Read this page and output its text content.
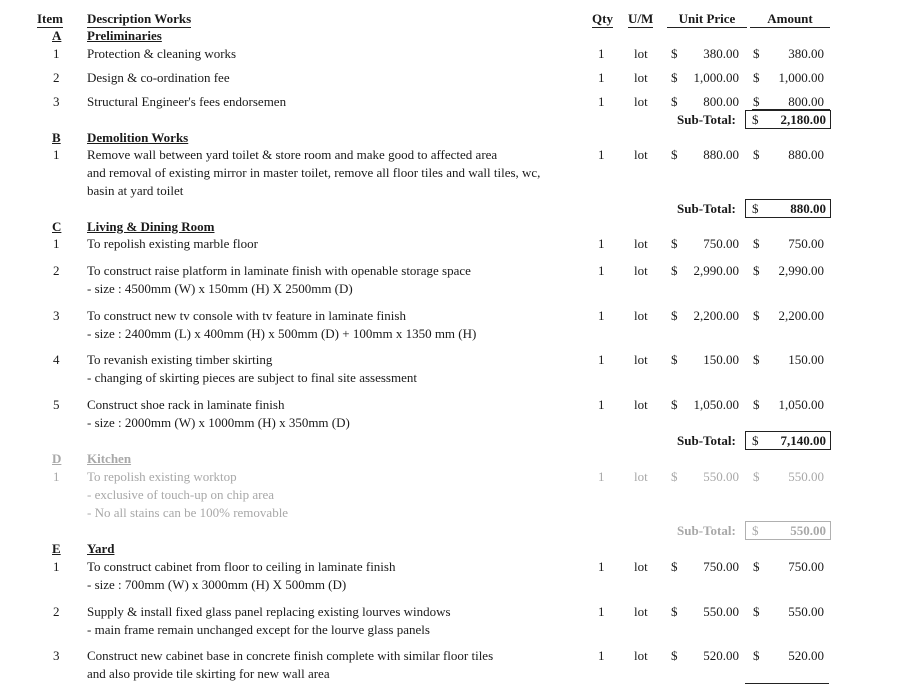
Item Description Works	Qty U/M	Unit Price	Amount
A Preliminaries
1 Protection & cleaning works	1 lot $	380.00 $	380.00
2 Design & co-ordination fee	1 lot $	1,000.00 $	1,000.00
3 Structural Engineer's fees endorsemen	1 lot $	800.00 $	800.00
Sub-Total: $ 2,180.00
B Demolition Works
1 Remove wall between yard toilet & store room and make good to affected area
and removal of existing mirror in master toilet, remove all floor tiles and wall tiles, wc,
basin at yard toilet
1 lot $	880.00 $	880.00
Sub-Total: $ 880.00
C Living & Dining Room
1 To repolish existing marble floor	1 lot $	750.00 $	750.00
2 To construct raise platform in laminate finish with openable storage space
- size : 4500mm (W) x 150mm (H) X 2500mm (D)
1 lot $	2,990.00 $	2,990.00
3 To construct new tv console with tv feature in laminate finish
- size : 2400mm (L) x 400mm (H) x 500mm (D) + 100mm x 1350 mm (H)
1 lot $	2,200.00 $	2,200.00
4 To revanish existing timber skirting
- changing of skirting pieces are subject to final site assessment
1 lot $	150.00 $	150.00
5 Construct shoe rack in laminate finish
- size : 2000mm (W) x 1000mm (H) x 350mm (D)
1 lot $	1,050.00 $	1,050.00
Sub-Total: $ 7,140.00
D Kitchen
1 To repolish existing worktop
- exclusive of touch-up on chip area
- No all stains can be 100% removable
1 lot $	550.00 $	550.00
Sub-Total: $ 550.00
E Yard
1 To construct cabinet from floor to ceiling in laminate finish
- size : 700mm (W) x 3000mm (H) X 500mm (D)
1 lot $	750.00 $	750.00
2 Supply & install fixed glass panel replacing existing lourves windows
- main frame remain unchanged except for the lourve glass panels
1 lot $	550.00 $	550.00
3 Construct new cabinet base in concrete finish complete with similar floor tiles
and also provide tile skirting for new wall area
1 lot $	520.00 $	520.00
